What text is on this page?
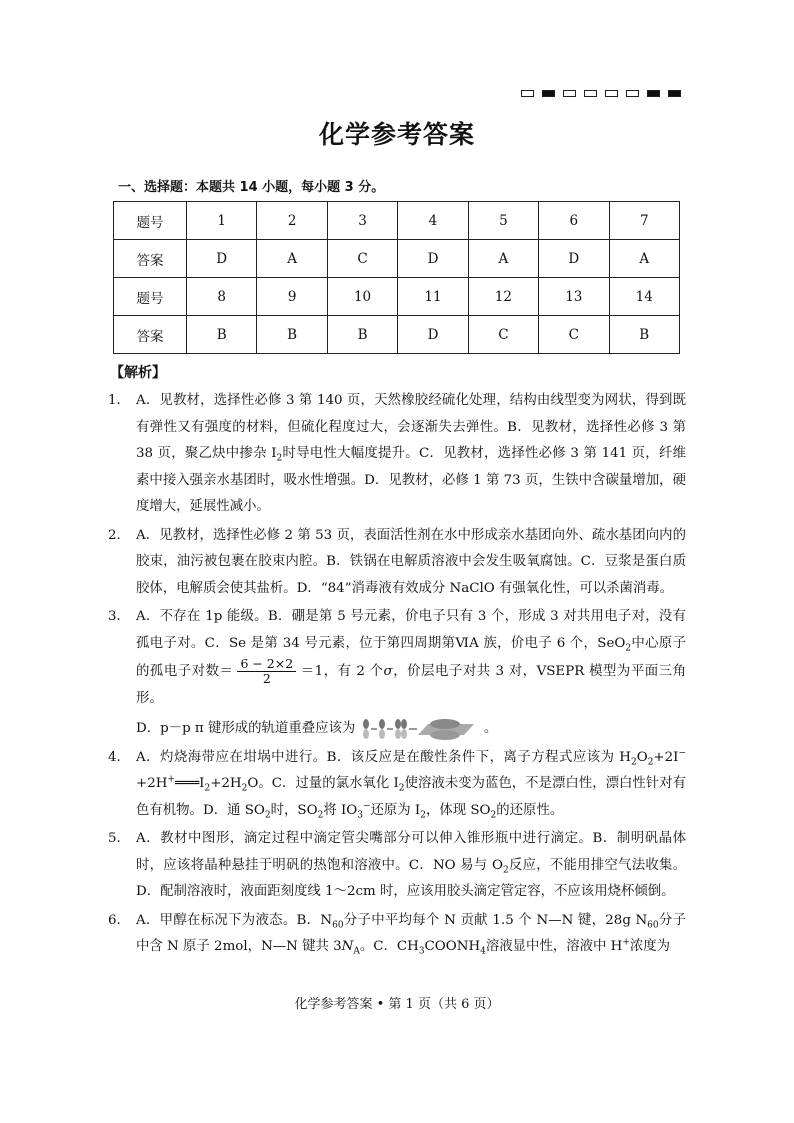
化学参考答案
一、选择题：本题共 14 小题，每小题 3 分。
题号	1	2	3	4	5	6	7
答案	D	A	C	D	A	D	A
题号	8	9	10	11	12	13	14
答案	B	B	B	D	C	C	B
【解析】
1． A．见教材，选择性必修 3 第 140 页，天然橡胶经硫化处理，结构由线型变为网状，得到既有弹性又有强度的材料，但硫化程度过大，会逐渐失去弹性。B．见教材，选择性必修 3 第 38 页，聚乙炔中掺杂 $I_2$时导电性大幅度提升。C．见教材，选择性必修 3 第 141 页，纤维素中接入强亲水基团时，吸水性增强。D．见教材，必修 1 第 73 页，生铁中含碳量增加，硬度增大，延展性减小。
2． A．见教材，选择性必修 2 第 53 页，表面活性剂在水中形成亲水基团向外、疏水基团向内的胶束，油污被包裹在胶束内腔。B．铁锅在电解质溶液中会发生吸氧腐蚀。C．豆浆是蛋白质胶体，电解质会使其盐析。D．“84”消毒液有效成分 NaClO 有强氧化性，可以杀菌消毒。
3． A．不存在 1p 能级。B．硼是第 5 号元素，价电子只有 3 个，形成 3 对共用电子对，没有孤电子对。C．Se 是第 34 号元素，位于第四周期第ⅥA 族，价电子 6 个，SeO$_2$中心原子的孤电子对数＝ $\frac{6 - 2\times 2}{2} =1$，有 2 个σ，价层电子对共 3 对，VSEPR 模型为平面三角形。
D．p－p π 键形成的轨道重叠应该为	。
4． A．灼烧海带应在坩埚中进行。B．该反应是在酸性条件下，离子方程式应该为 $H_2O_2+2I^-+2H^+═══I_2+2H_2O$。C．过量的氯水氧化 $I_2$使溶液未变为蓝色，不是漂白性，漂白性针对有色有机物。D．通 $SO_2$时，$SO_2$将 $IO_3^-$还原为 $I_2$，体现 $SO_2$的还原性。
5． A．教材中图形，滴定过程中滴定管尖嘴部分可以伸入锥形瓶中进行滴定。B．制明矾晶体时，应该将晶种悬挂于明矾的热饱和溶液中。C．NO 易与 $O_2$反应，不能用排空气法收集。D．配制溶液时，液面距刻度线 1～2cm 时，应该用胶头滴定管定容，不应该用烧杯倾倒。
6． A．甲醇在标况下为液态。B．$N_{60}$分子中平均每个 N 贡献 1.5 个 N—N 键，28g $N_{60}$分子中含 N 原子 2mol，N—N 键共 $3N_A$。C．$CH_3COONH_4$溶液显中性，溶液中 H+浓度为
化学参考答案 • 第 1 页（共 6 页）
